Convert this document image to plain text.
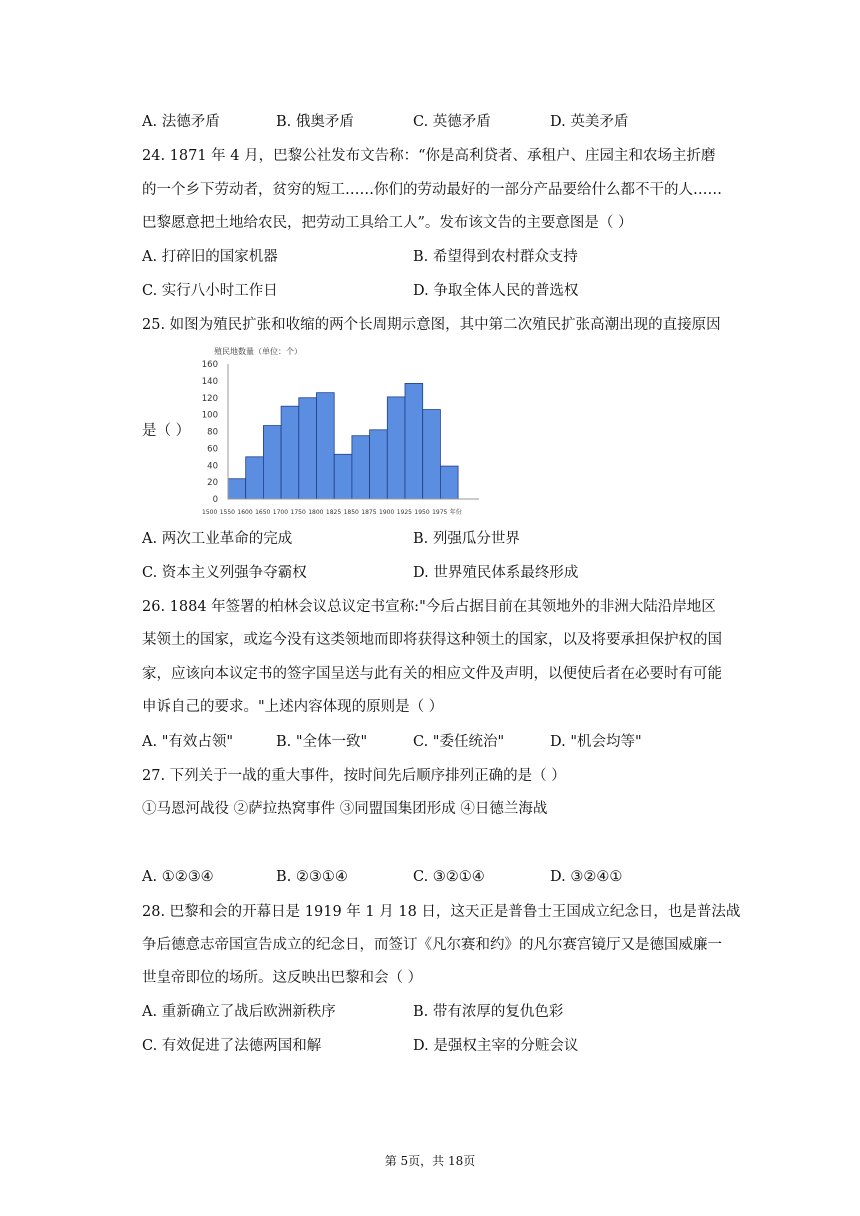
A. 法德矛盾	B. 俄奥矛盾	C. 英德矛盾	D. 英美矛盾
24. 1871 年 4 月，巴黎公社发布文告称：“你是高利贷者、承租户、庄园主和农场主折磨
的一个乡下劳动者，贫穷的短工……你们的劳动最好的一部分产品要给什么都不干的人……
巴黎愿意把土地给农民，把劳动工具给工人”。发布该文告的主要意图是（ ）
A. 打碎旧的国家机器	B. 希望得到农村群众支持
C. 实行八小时工作日	D. 争取全体人民的普选权
25. 如图为殖民扩张和收缩的两个长周期示意图，其中第二次殖民扩张高潮出现的直接原因
是（ ）
殖民地数量（单位：个）
160
140
120
100
80
60
40
20
0
1500 1550 1600 1650 1700 1750 1800 1825 1850 1875 1900 1925 1950 1975 年份
A. 两次工业革命的完成	B. 列强瓜分世界
C. 资本主义列强争夺霸权	D. 世界殖民体系最终形成
26. 1884 年签署的柏林会议总议定书宣称:"今后占据目前在其领地外的非洲大陆沿岸地区
某领土的国家，或迄今没有这类领地而即将获得这种领土的国家，以及将要承担保护权的国
家，应该向本议定书的签字国呈送与此有关的相应文件及声明，以便使后者在必要时有可能
申诉自己的要求。"上述内容体现的原则是（ ）
A. "有效占领"	B. "全体一致"	C. "委任统治"	D. "机会均等"
27. 下列关于一战的重大事件，按时间先后顺序排列正确的是（ ）
①马恩河战役 ②萨拉热窝事件 ③同盟国集团形成 ④日德兰海战
A. ①②③④	B. ②③①④	C. ③②①④	D. ③②④①
28. 巴黎和会的开幕日是 1919 年 1 月 18 日，这天正是普鲁士王国成立纪念日，也是普法战
争后德意志帝国宣告成立的纪念日，而签订《凡尔赛和约》的凡尔赛宫镜厅又是德国威廉一
世皇帝即位的场所。这反映出巴黎和会（ ）
A. 重新确立了战后欧洲新秩序	B. 带有浓厚的复仇色彩
C. 有效促进了法德两国和解	D. 是强权主宰的分赃会议
第 5页，共 18页
